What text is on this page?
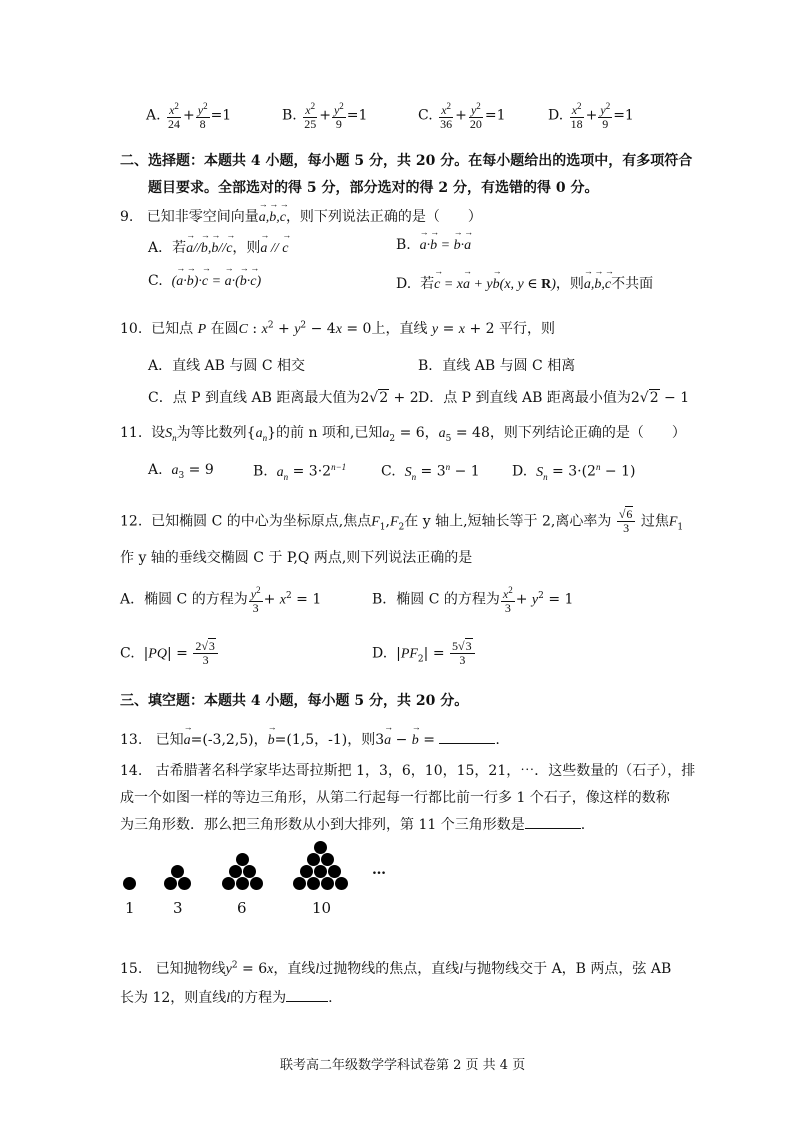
A. $\frac{x^2}{24} + \frac{y^2}{8} =1$	B. $\frac{x^2}{25} + \frac{y^2}{9} =1$	C. $\frac{x^2}{36} + \frac{y^2}{20} =1$	D. $\frac{x^2}{18} + \frac{y^2}{9} =1$
二、选择题：本题共 4 小题，每小题 5 分，共 20 分。在每小题给出的选项中，有多项符合
题目要求。全部选对的得 5 分，部分选对的得 2 分，有选错的得 0 分。
9. 已知非零空间向量→ a,→ b,→ c，则下列说法正确的是（　　）
A．若→ a//→ b,→ b//→ c，则→ a // → c	B.  → a·→ b = → b·→ a
C. (→ a·→ b)·→ c = → a·(→ b·→ c)	D. 若→ c = x→ a + y→ b(x, y ∈ R)，则→ a,→ b,→ c不共面
10. 已知点 P 在圆C : $x^2 + y^2 - 4x = 0$上，直线 y = x + 2 平行，则
A．直线 AB 与圆 C 相交	B．直线 AB 与圆 C 相离
C．点 P 到直线 AB 距离最大值为2√2 + 2 D．点 P 到直线 AB 距离最小值为2√2 − 1
11. 设$S_n$为等比数列$\{a_n\}$的前 n 项和,已知$a_2 = 6$，$a_5 = 48$，则下列结论正确的是（　　）
A. $a_3 = 9$	B. $a_n = 3\cdot 2^{n-1}$ C. $S_n = 3^n - 1$ D. $S_n = 3\cdot(2^n - 1)$
12. 已知椭圆 C 的中心为坐标原点,焦点$F_1,F_2$在 y 轴上,短轴长等于 2,离心率为 $\frac{√6}{3}$ 过焦$F_1$
作 y 轴的垂线交椭圆 C 于 P,Q 两点,则下列说法正确的是
A．椭圆 C 的方程为 $\frac{y^2}{3} + x^2 = 1$	B．椭圆 C 的方程为 $\frac{x^2}{3} + y^2 = 1$
C.  $|PQ| = \frac{2√3}{3}$	D.  $|PF_2| = \frac{5√3}{3}$
三、填空题：本题共 4 小题，每小题 5 分，共 20 分。
13. 已知→ a=(-3,2,5)，→ b=(1,5，-1)，则3→ a − → b =	.
14. 古希腊著名科学家毕达哥拉斯把 1，3，6，10，15，21，⋯．这些数量的（石子），排
成一个如图一样的等边三角形，从第二行起每一行都比前一行多 1 个石子，像这样的数称
为三角形数．那么把三角形数从小到大排列，第 11 个三角形数是	.
…
1	3	6	10
15. 已知抛物线$y^2 = 6x$，直线l过抛物线的焦点，直线l与抛物线交于 A，B 两点，弦 AB
长为 12，则直线l的方程为	.
联考高二年级数学学科试卷第 2 页 共 4 页
